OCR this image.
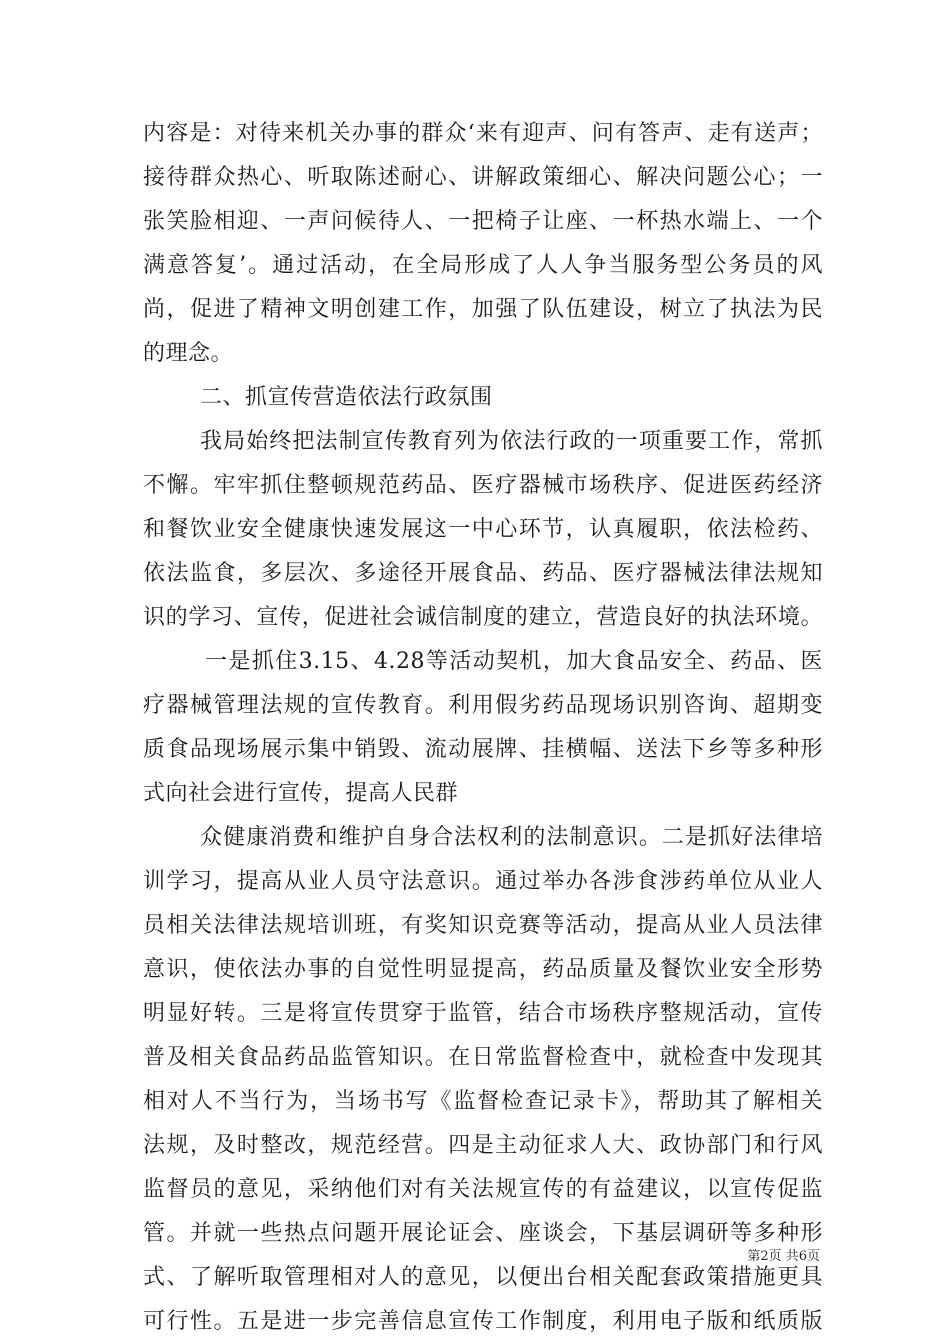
内容是：对待来机关办事的群众‘来有迎声、问有答声、走有送声；
接待群众热心、听取陈述耐心、讲解政策细心、解决问题公心；一
张笑脸相迎、一声问候待人、一把椅子让座、一杯热水端上、一个
满意答复’。通过活动，在全局形成了人人争当服务型公务员的风
尚，促进了精神文明创建工作，加强了队伍建设，树立了执法为民
的理念。
二、抓宣传营造依法行政氛围
我局始终把法制宣传教育列为依法行政的一项重要工作，常抓
不懈。牢牢抓住整顿规范药品、医疗器械市场秩序、促进医药经济
和餐饮业安全健康快速发展这一中心环节，认真履职，依法检药、
依法监食，多层次、多途径开展食品、药品、医疗器械法律法规知
识的学习、宣传，促进社会诚信制度的建立，营造良好的执法环境。
一是抓住3.15、4.28等活动契机，加大食品安全、药品、医
疗器械管理法规的宣传教育。利用假劣药品现场识别咨询、超期变
质食品现场展示集中销毁、流动展牌、挂横幅、送法下乡等多种形
式向社会进行宣传，提高人民群
众健康消费和维护自身合法权利的法制意识。二是抓好法律培
训学习，提高从业人员守法意识。通过举办各涉食涉药单位从业人
员相关法律法规培训班，有奖知识竞赛等活动，提高从业人员法律
意识，使依法办事的自觉性明显提高，药品质量及餐饮业安全形势
明显好转。三是将宣传贯穿于监管，结合市场秩序整规活动，宣传
普及相关食品药品监管知识。在日常监督检查中，就检查中发现其
相对人不当行为，当场书写《监督检查记录卡》，帮助其了解相关
法规，及时整改，规范经营。四是主动征求人大、政协部门和行风
监督员的意见，采纳他们对有关法规宣传的有益建议，以宣传促监
管。并就一些热点问题开展论证会、座谈会，下基层调研等多种形
式、了解听取管理相对人的意见，以便出台相关配套政策措施更具
可行性。五是进一步完善信息宣传工作制度，利用电子版和纸质版
第2页 共6页
